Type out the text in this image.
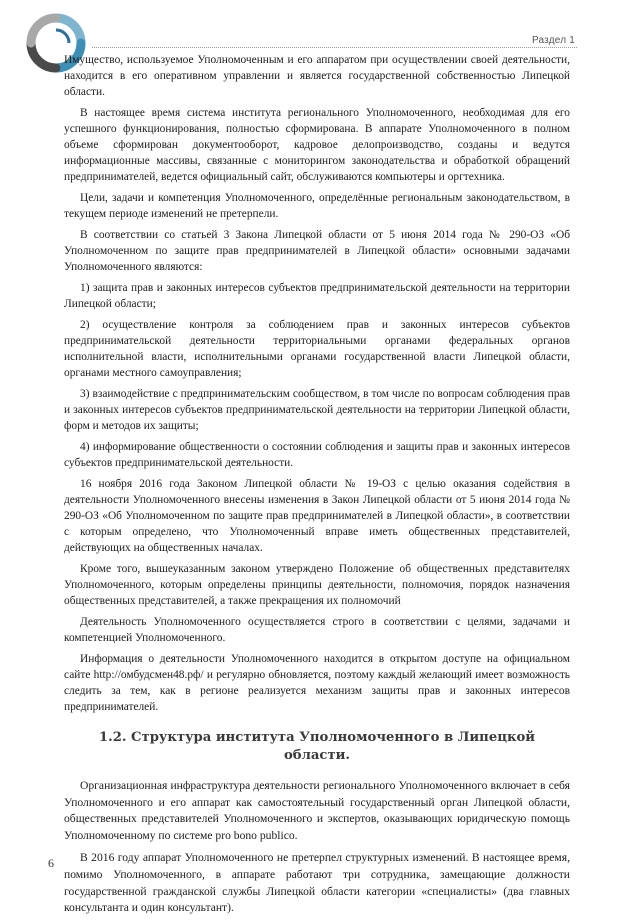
Раздел 1

Имущество, используемое Уполномоченным и его аппаратом при осуществлении своей деятельности, находится в его оперативном управлении и является государственной собственностью Липецкой области.

В настоящее время система института регионального Уполномоченного, необходимая для его успешного функционирования, полностью сформирована. В аппарате Уполномоченного в полном объеме сформирован документооборот, кадровое делопроизводство, созданы и ведутся информационные массивы, связанные с мониторингом законодательства и обработкой обращений предпринимателей, ведется официальный сайт, обслуживаются компьютеры и оргтехника.

Цели, задачи и компетенция Уполномоченного, определённые региональным законодательством, в текущем периоде изменений не претерпели.

В соответствии со статьей 3 Закона Липецкой области от 5 июня 2014 года № 290-ОЗ «Об Уполномоченном по защите прав предпринимателей в Липецкой области» основными задачами Уполномоченного являются:

1) защита прав и законных интересов субъектов предпринимательской деятельности на территории Липецкой области;

2) осуществление контроля за соблюдением прав и законных интересов субъектов предпринимательской деятельности территориальными органами федеральных органов исполнительной власти, исполнительными органами государственной власти Липецкой области, органами местного самоуправления;

3) взаимодействие с предпринимательским сообществом, в том числе по вопросам соблюдения прав и законных интересов субъектов предпринимательской деятельности на территории Липецкой области, форм и методов их защиты;

4) информирование общественности о состоянии соблюдения и защиты прав и законных интересов субъектов предпринимательской деятельности.

16 ноября 2016 года Законом Липецкой области № 19-ОЗ с целью оказания содействия в деятельности Уполномоченного внесены изменения в Закон Липецкой области от 5 июня 2014 года № 290-ОЗ «Об Уполномоченном по защите прав предпринимателей в Липецкой области», в соответствии с которым определено, что Уполномоченный вправе иметь общественных представителей, действующих на общественных началах.

Кроме того, вышеуказанным законом утверждено Положение об общественных представителях Уполномоченного, которым определены принципы деятельности, полномочия, порядок назначения общественных представителей, а также прекращения их полномочий

Деятельность Уполномоченного осуществляется строго в соответствии с целями, задачами и компетенцией Уполномоченного.

Информация о деятельности Уполномоченного находится в открытом доступе на официальном сайте http://омбудсмен48.рф/ и регулярно обновляется, поэтому каждый желающий имеет возможность следить за тем, как в регионе реализуется механизм защиты прав и законных интересов предпринимателей.

1.2. Структура института Уполномоченного в Липецкой области.

Организационная инфраструктура деятельности регионального Уполномоченного включает в себя Уполномоченного и его аппарат как самостоятельный государственный орган Липецкой области, общественных представителей Уполномоченного и экспертов, оказывающих юридическую помощь Уполномоченному по системе pro bono publico.

В 2016 году аппарат Уполномоченного не претерпел структурных изменений. В настоящее время, помимо Уполномоченного, в аппарате работают три сотрудника, замещающие должности государственной гражданской службы Липецкой области категории «специалисты» (два главных консультанта и один консультант).

6
